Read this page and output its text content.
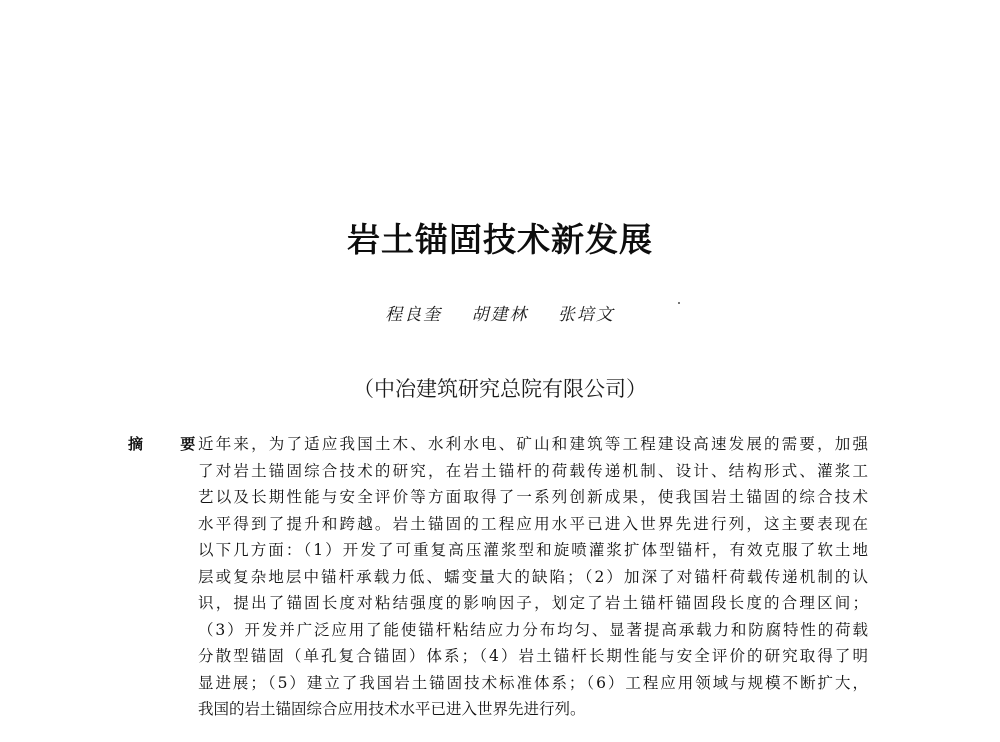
岩土锚固技术新发展
程良奎 胡建林 张培文
（中冶建筑研究总院有限公司）
摘 要
近年来，为了适应我国土木、水利水电、矿山和建筑等工程建设高速发展的需要，加强
了对岩土锚固综合技术的研究，在岩土锚杆的荷载传递机制、设计、结构形式、灌浆工
艺以及长期性能与安全评价等方面取得了一系列创新成果，使我国岩土锚固的综合技术
水平得到了提升和跨越。岩土锚固的工程应用水平已进入世界先进行列，这主要表现在
以下几方面：（1）开发了可重复高压灌浆型和旋喷灌浆扩体型锚杆，有效克服了软土地
层或复杂地层中锚杆承载力低、蠕变量大的缺陷；（2）加深了对锚杆荷载传递机制的认
识，提出了锚固长度对粘结强度的影响因子，划定了岩土锚杆锚固段长度的合理区间；
（3）开发并广泛应用了能使锚杆粘结应力分布均匀、显著提高承载力和防腐特性的荷载
分散型锚固（单孔复合锚固）体系；（4）岩土锚杆长期性能与安全评价的研究取得了明
显进展；（5）建立了我国岩土锚固技术标准体系；（6）工程应用领域与规模不断扩大，
我国的岩土锚固综合应用技术水平已进入世界先进行列。
